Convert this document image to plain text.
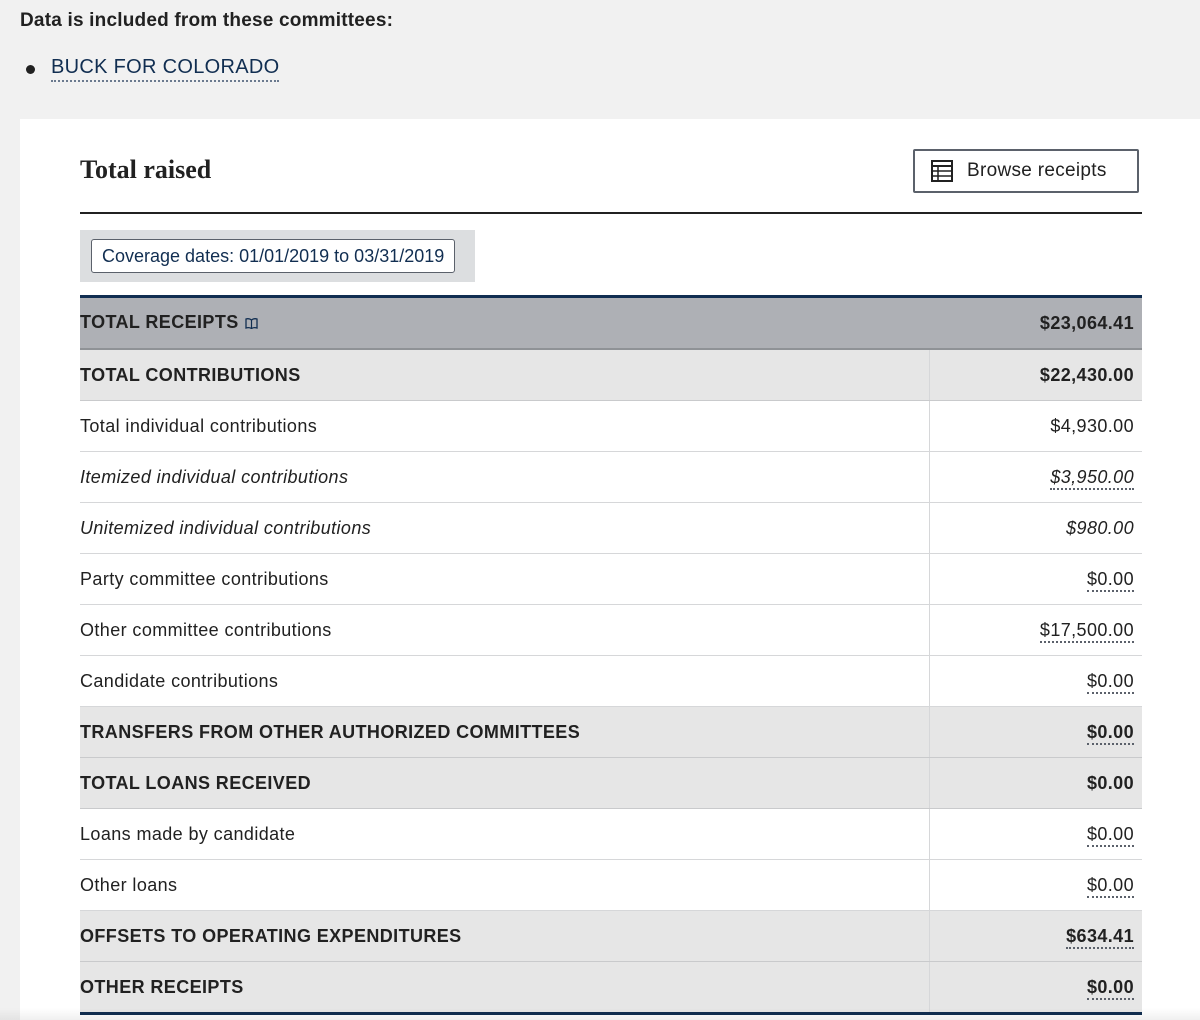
Data is included from these committees:
BUCK FOR COLORADO
Total raised	Browse receipts
Coverage dates: 01/01/2019 to 03/31/2019
TOTAL RECEIPTS	$23,064.41
TOTAL CONTRIBUTIONS	$22,430.00
Total individual contributions	$4,930.00
Itemized individual contributions	$3,950.00
Unitemized individual contributions	$980.00
Party committee contributions	$0.00
Other committee contributions	$17,500.00
Candidate contributions	$0.00
TRANSFERS FROM OTHER AUTHORIZED COMMITTEES	$0.00
TOTAL LOANS RECEIVED	$0.00
Loans made by candidate	$0.00
Other loans	$0.00
OFFSETS TO OPERATING EXPENDITURES	$634.41
OTHER RECEIPTS	$0.00
